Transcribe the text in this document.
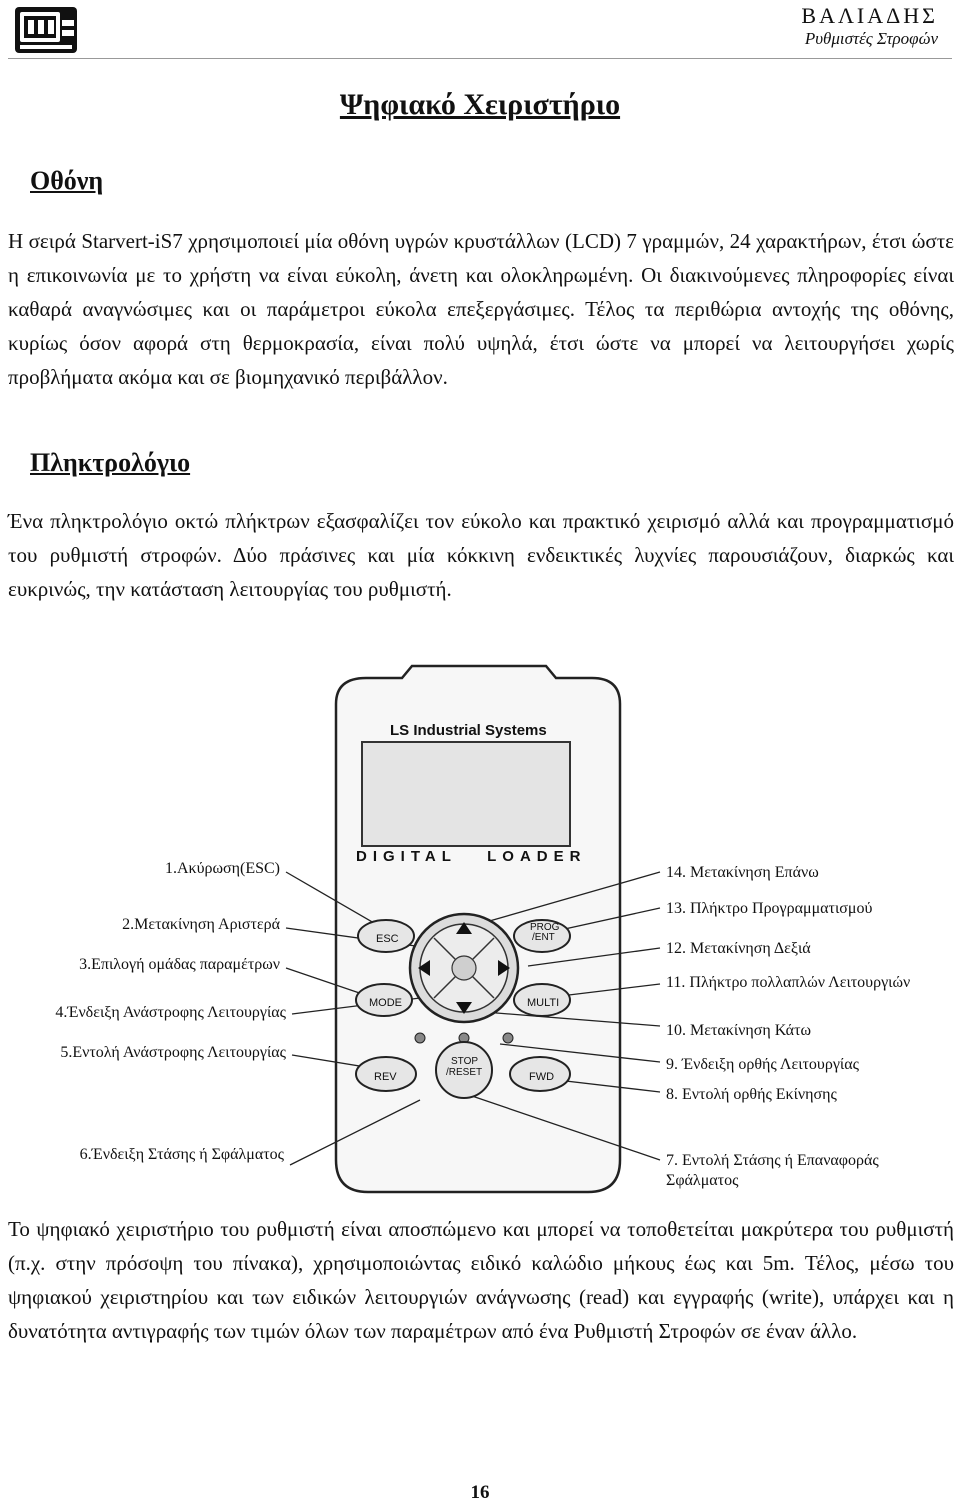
ΒΑΛΙΑΔΗΣ
Ρυθμιστές Στροφών
Ψηφιακό Χειριστήριο
Οθόνη

Η σειρά Starvert-iS7 χρησιμοποιεί μία οθόνη υγρών κρυστάλλων (LCD) 7 γραμμών, 24 χαρακτήρων, έτσι ώστε η επικοινωνία με το χρήστη να είναι εύκολη, άνετη και ολοκληρωμένη. Οι διακινούμενες πληροφορίες είναι καθαρά αναγνώσιμες και οι παράμετροι εύκολα επεξεργάσιμες. Τέλος τα περιθώρια αντοχής της οθόνης, κυρίως όσον αφορά στη θερμοκρασία, είναι πολύ υψηλά, έτσι ώστε να μπορεί να λειτουργήσει χωρίς προβλήματα ακόμα και σε βιομηχανικό περιβάλλον.

Πληκτρολόγιο

Ένα πληκτρολόγιο οκτώ πλήκτρων εξασφαλίζει τον εύκολο και πρακτικό χειρισμό αλλά και προγραμματισμό του ρυθμιστή στροφών. Δύο πράσινες και μία κόκκινη ενδεικτικές λυχνίες παρουσιάζουν, διαρκώς και ευκρινώς, την κατάσταση λειτουργίας του ρυθμιστή.

LS Industrial Systems
DIGITAL   LOADER
ESC
PROG
/ENT
MODE	MULTI
REV	FWD
STOP
/RESET
1.Ακύρωση(ESC)
2.Μετακίνηση Αριστερά
3.Επιλογή ομάδας παραμέτρων
4.Ένδειξη Ανάστροφης Λειτουργίας
5.Εντολή Ανάστροφης Λειτουργίας
6.Ένδειξη Στάσης ή Σφάλματος
14. Μετακίνηση Επάνω
13. Πλήκτρο Προγραμματισμού
12. Μετακίνηση Δεξιά
11. Πλήκτρο πολλαπλών Λειτουργιών
10. Μετακίνηση Κάτω
9. Ένδειξη ορθής Λειτουργίας
8. Εντολή ορθής Εκίνησης
7. Εντολή Στάσης ή Επαναφοράς
Σφάλματος

Το ψηφιακό χειριστήριο του ρυθμιστή είναι αποσπώμενο και μπορεί να τοποθετείται μακρύτερα του ρυθμιστή (π.χ. στην πρόσοψη του πίνακα), χρησιμοποιώντας ειδικό καλώδιο μήκους έως και 5m. Τέλος, μέσω του ψηφιακού χειριστηρίου και των ειδικών λειτουργιών ανάγνωσης (read) και εγγραφής (write), υπάρχει και η δυνατότητα αντιγραφής των τιμών όλων των παραμέτρων από ένα Ρυθμιστή Στροφών σε έναν άλλο.

16
